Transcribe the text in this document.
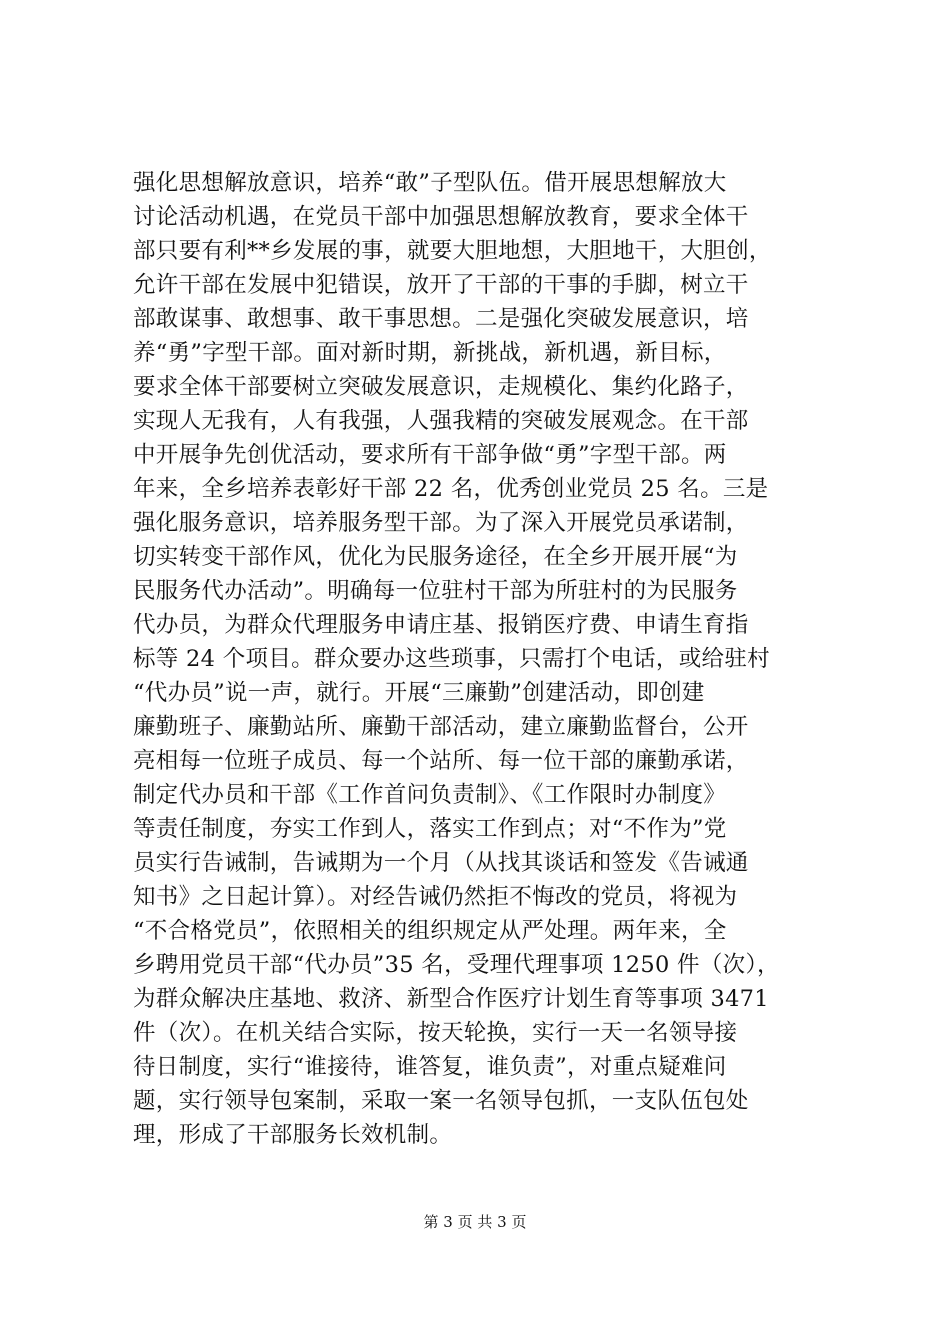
强化思想解放意识，培养“敢”子型队伍。借开展思想解放大
讨论活动机遇，在党员干部中加强思想解放教育，要求全体干
部只要有利**乡发展的事，就要大胆地想，大胆地干，大胆创，
允许干部在发展中犯错误，放开了干部的干事的手脚，树立干
部敢谋事、敢想事、敢干事思想。二是强化突破发展意识，培
养“勇”字型干部。面对新时期，新挑战，新机遇，新目标，
要求全体干部要树立突破发展意识，走规模化、集约化路子，
实现人无我有，人有我强，人强我精的突破发展观念。在干部
中开展争先创优活动，要求所有干部争做“勇”字型干部。两
年来，全乡培养表彰好干部 22 名，优秀创业党员 25 名。三是
强化服务意识，培养服务型干部。为了深入开展党员承诺制，
切实转变干部作风，优化为民服务途径，在全乡开展开展“为
民服务代办活动”。明确每一位驻村干部为所驻村的为民服务
代办员，为群众代理服务申请庄基、报销医疗费、申请生育指
标等 24 个项目。群众要办这些琐事，只需打个电话，或给驻村
“代办员”说一声，就行。开展“三廉勤”创建活动，即创建
廉勤班子、廉勤站所、廉勤干部活动，建立廉勤监督台，公开
亮相每一位班子成员、每一个站所、每一位干部的廉勤承诺，
制定代办员和干部《工作首问负责制》、《工作限时办制度》
等责任制度，夯实工作到人，落实工作到点；对“不作为”党
员实行告诫制，告诫期为一个月（从找其谈话和签发《告诫通
知书》之日起计算）。对经告诫仍然拒不悔改的党员，将视为
“不合格党员”，依照相关的组织规定从严处理。两年来，全
乡聘用党员干部“代办员”35 名，受理代理事项 1250 件（次），
为群众解决庄基地、救济、新型合作医疗计划生育等事项 3471
件（次）。在机关结合实际，按天轮换，实行一天一名领导接
待日制度，实行“谁接待，谁答复，谁负责”，对重点疑难问
题，实行领导包案制，采取一案一名领导包抓，一支队伍包处
理，形成了干部服务长效机制。
第 3 页 共 3 页
